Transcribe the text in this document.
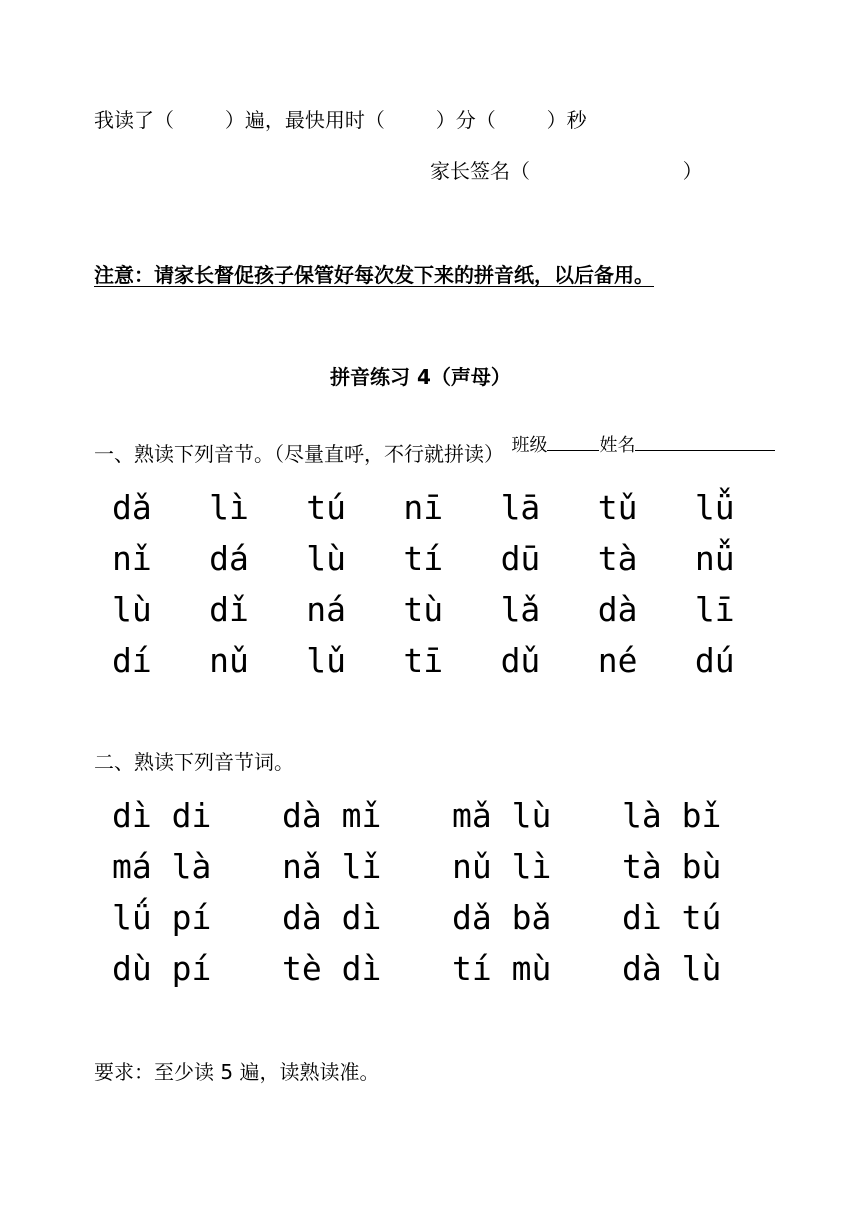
我读了（        ）遍，最快用时（        ）分（        ）秒
家长签名（                        ）
注意：请家长督促孩子保管好每次发下来的拼音纸，以后备用。
拼音练习 4（声母）

班级	姓名

一、熟读下列音节。（尽量直呼，不行就拼读）
dǎ	lì	tú	nī	lā	tǔ	lǚ
nǐ	dá	lù	tí	dū	tà	nǚ
lù	dǐ	ná	tù	lǎ	dà	lī
dí	nǔ	lǔ	tī	dǔ	né	dú
二、熟读下列音节词。
dì di	dà mǐ	mǎ lù	là bǐ
má là	nǎ lǐ	nǔ lì	tà bù
lǘ pí	dà dì	dǎ bǎ	dì tú
dù pí	tè dì	tí mù	dà lù
要求：至少读 5 遍，读熟读准。
